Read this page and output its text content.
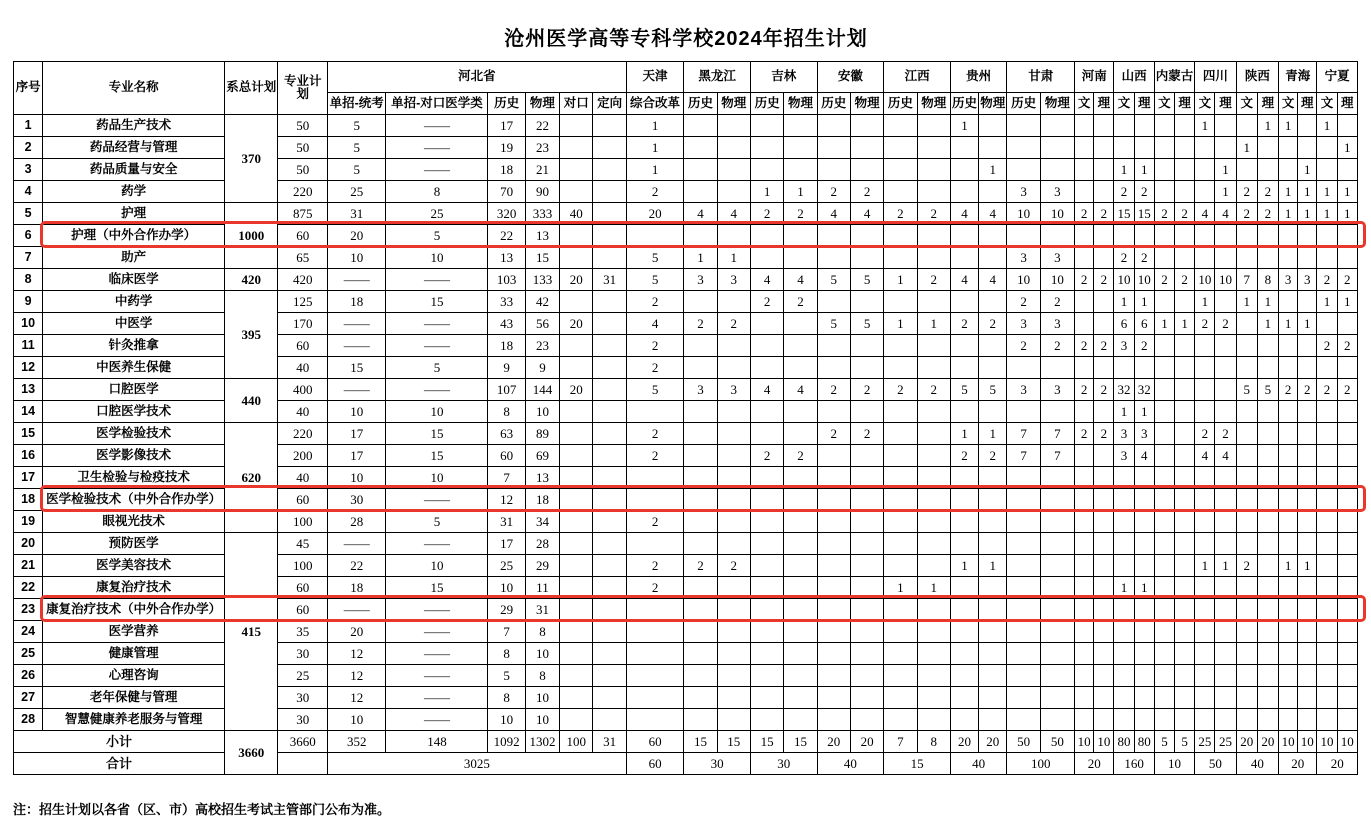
沧州医学高等专科学校2024年招生计划
序号	专业名称	系总计划	专业计划	河北省						天津	黑龙江		吉林		安徽		江西		贵州		甘肃		河南		山西		内蒙古		四川		陕西		青海		宁夏	
				单招-统考	单招-对口医学类	历史	物理	对口	定向	综合改革	历史	物理	历史	物理	历史	物理	历史	物理	历史	物理	历史	物理	文	理	文	理	文	理	文	理	文	理	文	理	文	理
1	药品生产技术	370	50	5	——	17	22			1									1										1			1	1		1	
2	药品经营与管理		50	5	——	19	23			1																					1					1
3	药品质量与安全		50	5	——	18	21			1										1					1	1				1				1		
4	药学		220	25	8	70	90			2			1	1	2	2					3	3			2	2				1	2	2	1	1	1	1
5	护理	1000	875	31	25	320	333	40		20	4	4	2	2	4	4	2	2	4	4	10	10	2	2	15	15	2	2	4	4	2	2	1	1	1	1
6	护理（中外合作办学）		60	20	5	22	13																													
7	助产		65	10	10	13	15			5	1	1									3	3			2	2										
8	临床医学	420	420	——	——	103	133	20	31	5	3	3	4	4	5	5	1	2	4	4	10	10	2	2	10	10	2	2	10	10	7	8	3	3	2	2
9	中药学	395	125	18	15	33	42			2			2	2							2	2			1	1			1		1	1			1	1
10	中医学		170	——	——	43	56	20		4	2	2			5	5	1	1	2	2	3	3			6	6	1	1	2	2		1	1	1		
11	针灸推拿		60	——	——	18	23			2											2	2	2	2	3	2									2	2
12	中医养生保健		40	15	5	9	9			2																										
13	口腔医学	440	400	——	——	107	144	20		5	3	3	4	4	2	2	2	2	5	5	3	3	2	2	32	32					5	5	2	2	2	2
14	口腔医学技术		40	10	10	8	10																		1	1										
15	医学检验技术	620	220	17	15	63	89			2					2	2			1	1	7	7	2	2	3	3			2	2						
16	医学影像技术		200	17	15	60	69			2			2	2					2	2	7	7			3	4			4	4						
17	卫生检验与检疫技术		40	10	10	7	13																													
18	医学检验技术（中外合作办学）		60	30	——	12	18																													
19	眼视光技术		100	28	5	31	34			2																										
20	预防医学	415	45	——	——	17	28																													
21	医学美容技术		100	22	10	25	29			2	2	2							1	1									1	1	2		1	1		
22	康复治疗技术		60	18	15	10	11			2							1	1							1	1										
23	康复治疗技术（中外合作办学）		60	——	——	29	31																													
24	医学营养		35	20	——	7	8																													
25	健康管理		30	12	——	8	10																													
26	心理咨询		25	12	——	5	8																													
27	老年保健与管理		30	12	——	8	10																													
28	智慧健康养老服务与管理		30	10	——	10	10																													
小计		3660	3660	352	148	1092	1302	100	31	60	15	15	15	15	20	20	7	8	20	20	50	50	10	10	80	80	5	5	25	25	20	20	10	10	10	10
合计				3025						60	30		30		40		15		40		100		20		160		10		50		40		20		20	
注：招生计划以各省（区、市）高校招生考试主管部门公布为准。
